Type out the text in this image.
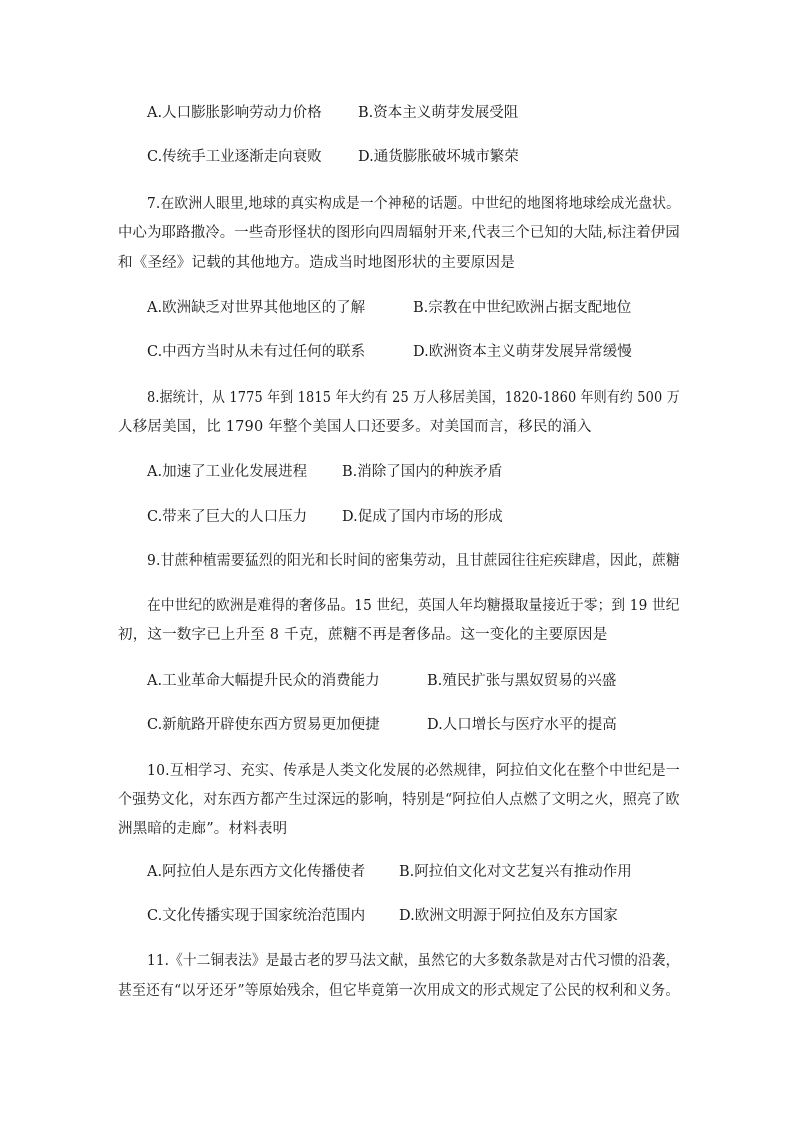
A.人口膨胀影响劳动力价格	B.资本主义萌芽发展受阻
C.传统手工业逐渐走向衰败	D.通货膨胀破坏城市繁荣
7.在欧洲人眼里,地球的真实构成是一个神秘的话题。中世纪的地图将地球绘成光盘状。
中心为耶路撒冷。一些奇形怪状的图形向四周辐射开来,代表三个已知的大陆,标注着伊园
和《圣经》记载的其他地方。造成当时地图形状的主要原因是
A.欧洲缺乏对世界其他地区的了解	B.宗教在中世纪欧洲占据支配地位
C.中西方当时从未有过任何的联系	D.欧洲资本主义萌芽发展异常缓慢
8.据统计，从 1775 年到 1815 年大约有 25 万人移居美国，1820-1860 年则有约 500 万
人移居美国，比 1790 年整个美国人口还要多。对美国而言，移民的涌入
A.加速了工业化发展进程 B.消除了国内的种族矛盾
C.带来了巨大的人口压力 D.促成了国内市场的形成
9.甘蔗种植需要猛烈的阳光和长时间的密集劳动，且甘蔗园往往疟疾肆虐，因此，蔗糖
在中世纪的欧洲是难得的奢侈品。15 世纪，英国人年均糖摄取量接近于零；到 19 世纪
初，这一数字已上升至 8 千克，蔗糖不再是奢侈品。这一变化的主要原因是
A.工业革命大幅提升民众的消费能力	B.殖民扩张与黑奴贸易的兴盛
C.新航路开辟使东西方贸易更加便捷	D.人口增长与医疗水平的提高
10.互相学习、充实、传承是人类文化发展的必然规律，阿拉伯文化在整个中世纪是一
个强势文化，对东西方都产生过深远的影响，特别是“阿拉伯人点燃了文明之火，照亮了欧
洲黑暗的走廊”。材料表明
A.阿拉伯人是东西方文化传播使者 B.阿拉伯文化对文艺复兴有推动作用
C.文化传播实现于国家统治范围内 D.欧洲文明源于阿拉伯及东方国家
11.《十二铜表法》是最古老的罗马法文献，虽然它的大多数条款是对古代习惯的沿袭，
甚至还有“以牙还牙”等原始残余，但它毕竟第一次用成文的形式规定了公民的权利和义务。
